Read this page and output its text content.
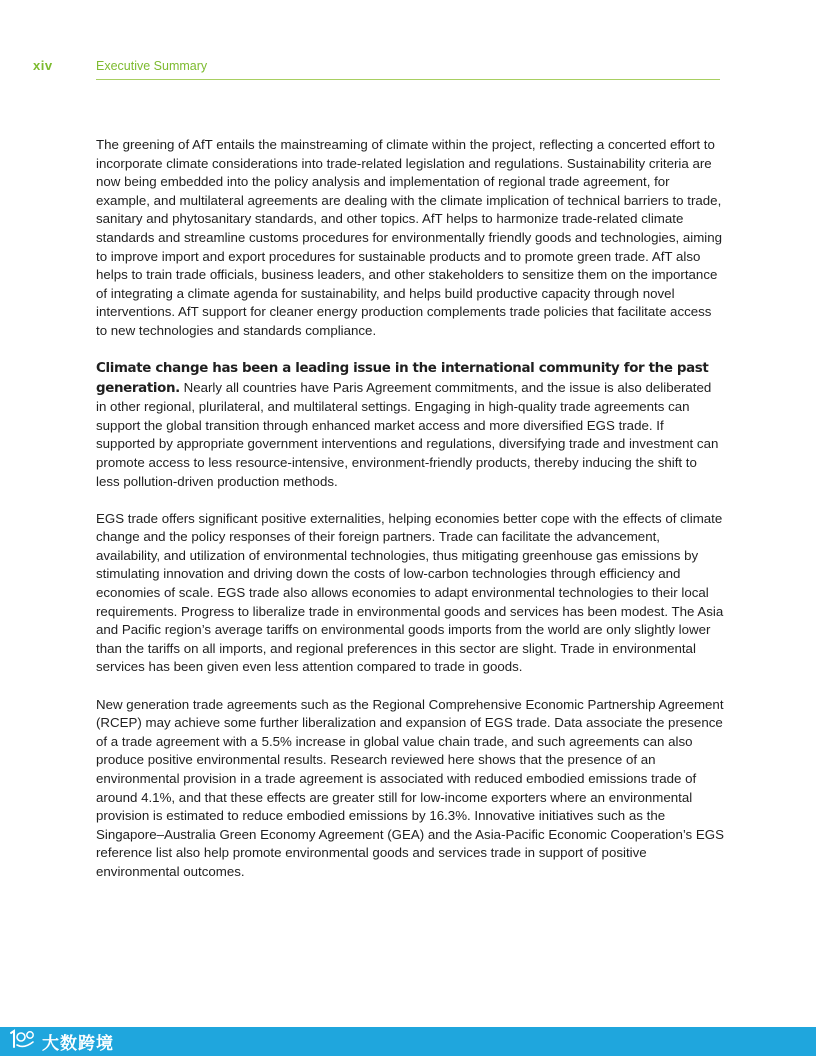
xiv	Executive Summary

The greening of AfT entails the mainstreaming of climate within the project, reflecting a concerted effort to incorporate climate considerations into trade-related legislation and regulations. Sustainability criteria are now being embedded into the policy analysis and implementation of regional trade agreement, for example, and multilateral agreements are dealing with the climate implication of technical barriers to trade, sanitary and phytosanitary standards, and other topics. AfT helps to harmonize trade-related climate standards and streamline customs procedures for environmentally friendly goods and technologies, aiming to improve import and export procedures for sustainable products and to promote green trade. AfT also helps to train trade officials, business leaders, and other stakeholders to sensitize them on the importance of integrating a climate agenda for sustainability, and helps build productive capacity through novel interventions. AfT support for cleaner energy production complements trade policies that facilitate access to new technologies and standards compliance.

Climate change has been a leading issue in the international community for the past generation. Nearly all countries have Paris Agreement commitments, and the issue is also deliberated in other regional, plurilateral, and multilateral settings. Engaging in high-quality trade agreements can support the global transition through enhanced market access and more diversified EGS trade. If supported by appropriate government interventions and regulations, diversifying trade and investment can promote access to less resource-intensive, environment-friendly products, thereby inducing the shift to less pollution-driven production methods.

EGS trade offers significant positive externalities, helping economies better cope with the effects of climate change and the policy responses of their foreign partners. Trade can facilitate the advancement, availability, and utilization of environmental technologies, thus mitigating greenhouse gas emissions by stimulating innovation and driving down the costs of low-carbon technologies through efficiency and economies of scale. EGS trade also allows economies to adapt environmental technologies to their local requirements. Progress to liberalize trade in environmental goods and services has been modest. The Asia and Pacific region’s average tariffs on environmental goods imports from the world are only slightly lower than the tariffs on all imports, and regional preferences in this sector are slight. Trade in environmental services has been given even less attention compared to trade in goods.

New generation trade agreements such as the Regional Comprehensive Economic Partnership Agreement (RCEP) may achieve some further liberalization and expansion of EGS trade. Data associate the presence of a trade agreement with a 5.5% increase in global value chain trade, and such agreements can also produce positive environmental results. Research reviewed here shows that the presence of an environmental provision in a trade agreement is associated with reduced embodied emissions trade of around 4.1%, and that these effects are greater still for low-income exporters where an environmental provision is estimated to reduce embodied emissions by 16.3%. Innovative initiatives such as the Singapore–Australia Green Economy Agreement (GEA) and the Asia-Pacific Economic Cooperation’s EGS reference list also help promote environmental goods and services trade in support of positive environmental outcomes.

大数跨境
